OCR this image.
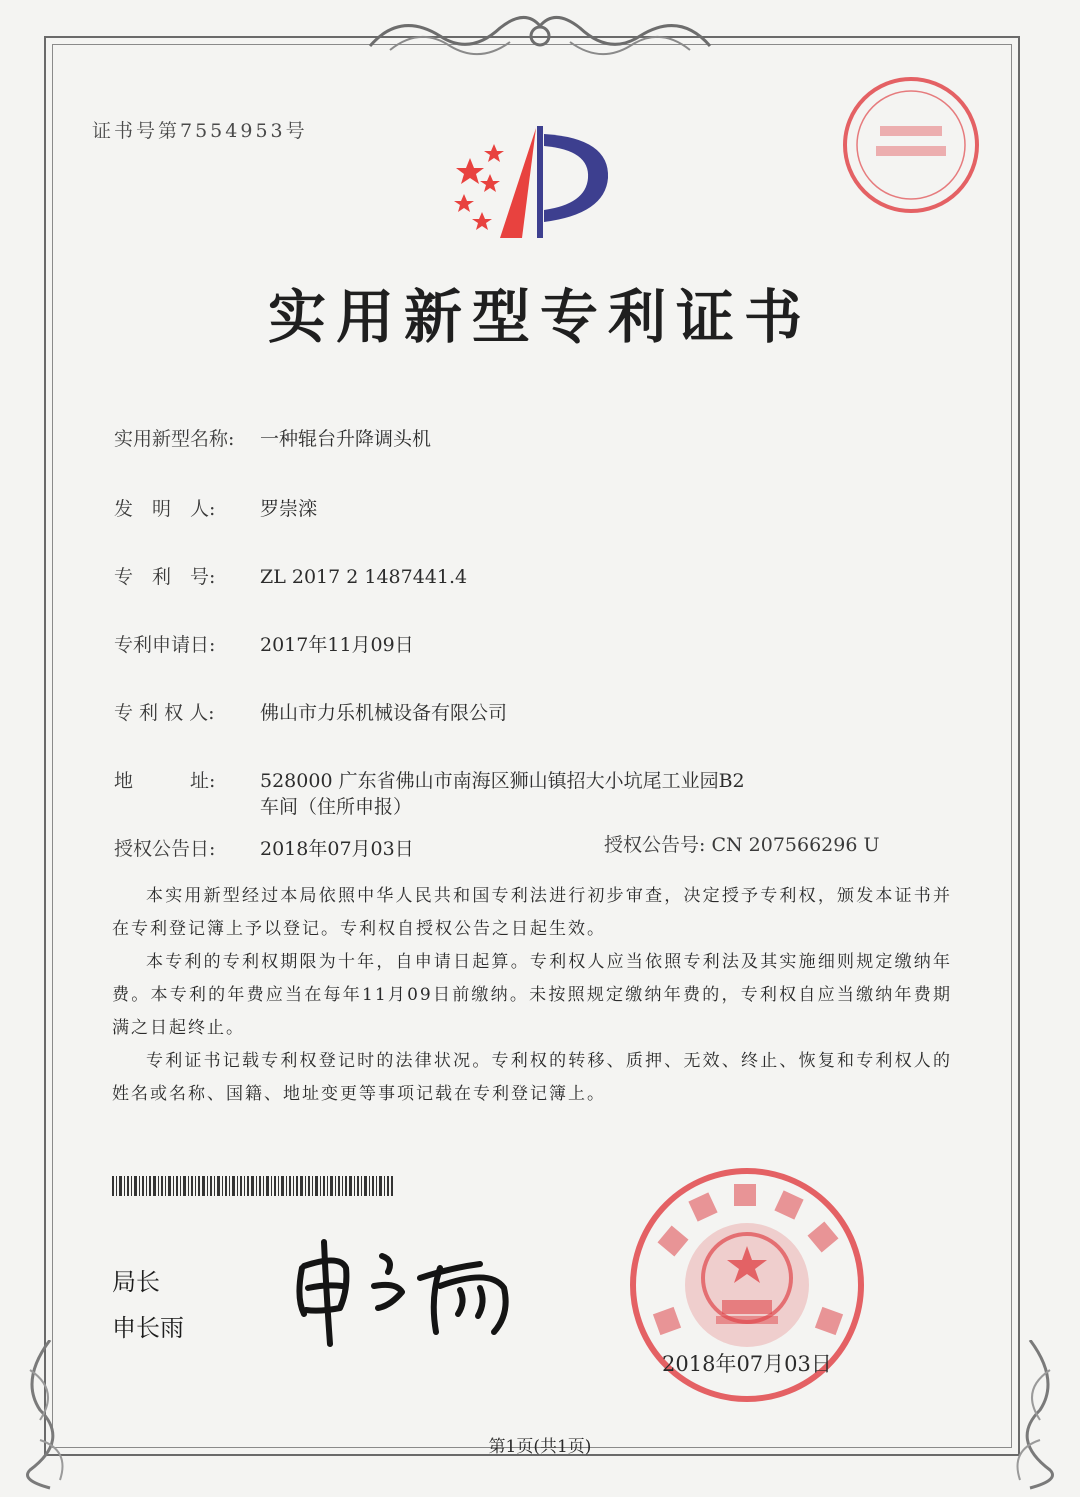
证书号第7554953号
实用新型专利证书
实用新型名称: 一种辊台升降调头机
发　明　人: 罗崇滦
专　利　号: ZL 2017 2 1487441.4
专利申请日: 2017年11月09日
专 利 权 人: 佛山市力乐机械设备有限公司
地　　　址: 528000 广东省佛山市南海区狮山镇招大小坑尾工业园B2
车间（住所申报）
授权公告日: 2018年07月03日	授权公告号: CN 207566296 U

本实用新型经过本局依照中华人民共和国专利法进行初步审查，决定授予专利权，颁发本证书并在专利登记簿上予以登记。专利权自授权公告之日起生效。

本专利的专利权期限为十年，自申请日起算。专利权人应当依照专利法及其实施细则规定缴纳年费。本专利的年费应当在每年11月09日前缴纳。未按照规定缴纳年费的，专利权自应当缴纳年费期满之日起终止。

专利证书记载专利权登记时的法律状况。专利权的转移、质押、无效、终止、恢复和专利权人的姓名或名称、国籍、地址变更等事项记载在专利登记簿上。

局长
申长雨
2018年07月03日
第1页(共1页)
